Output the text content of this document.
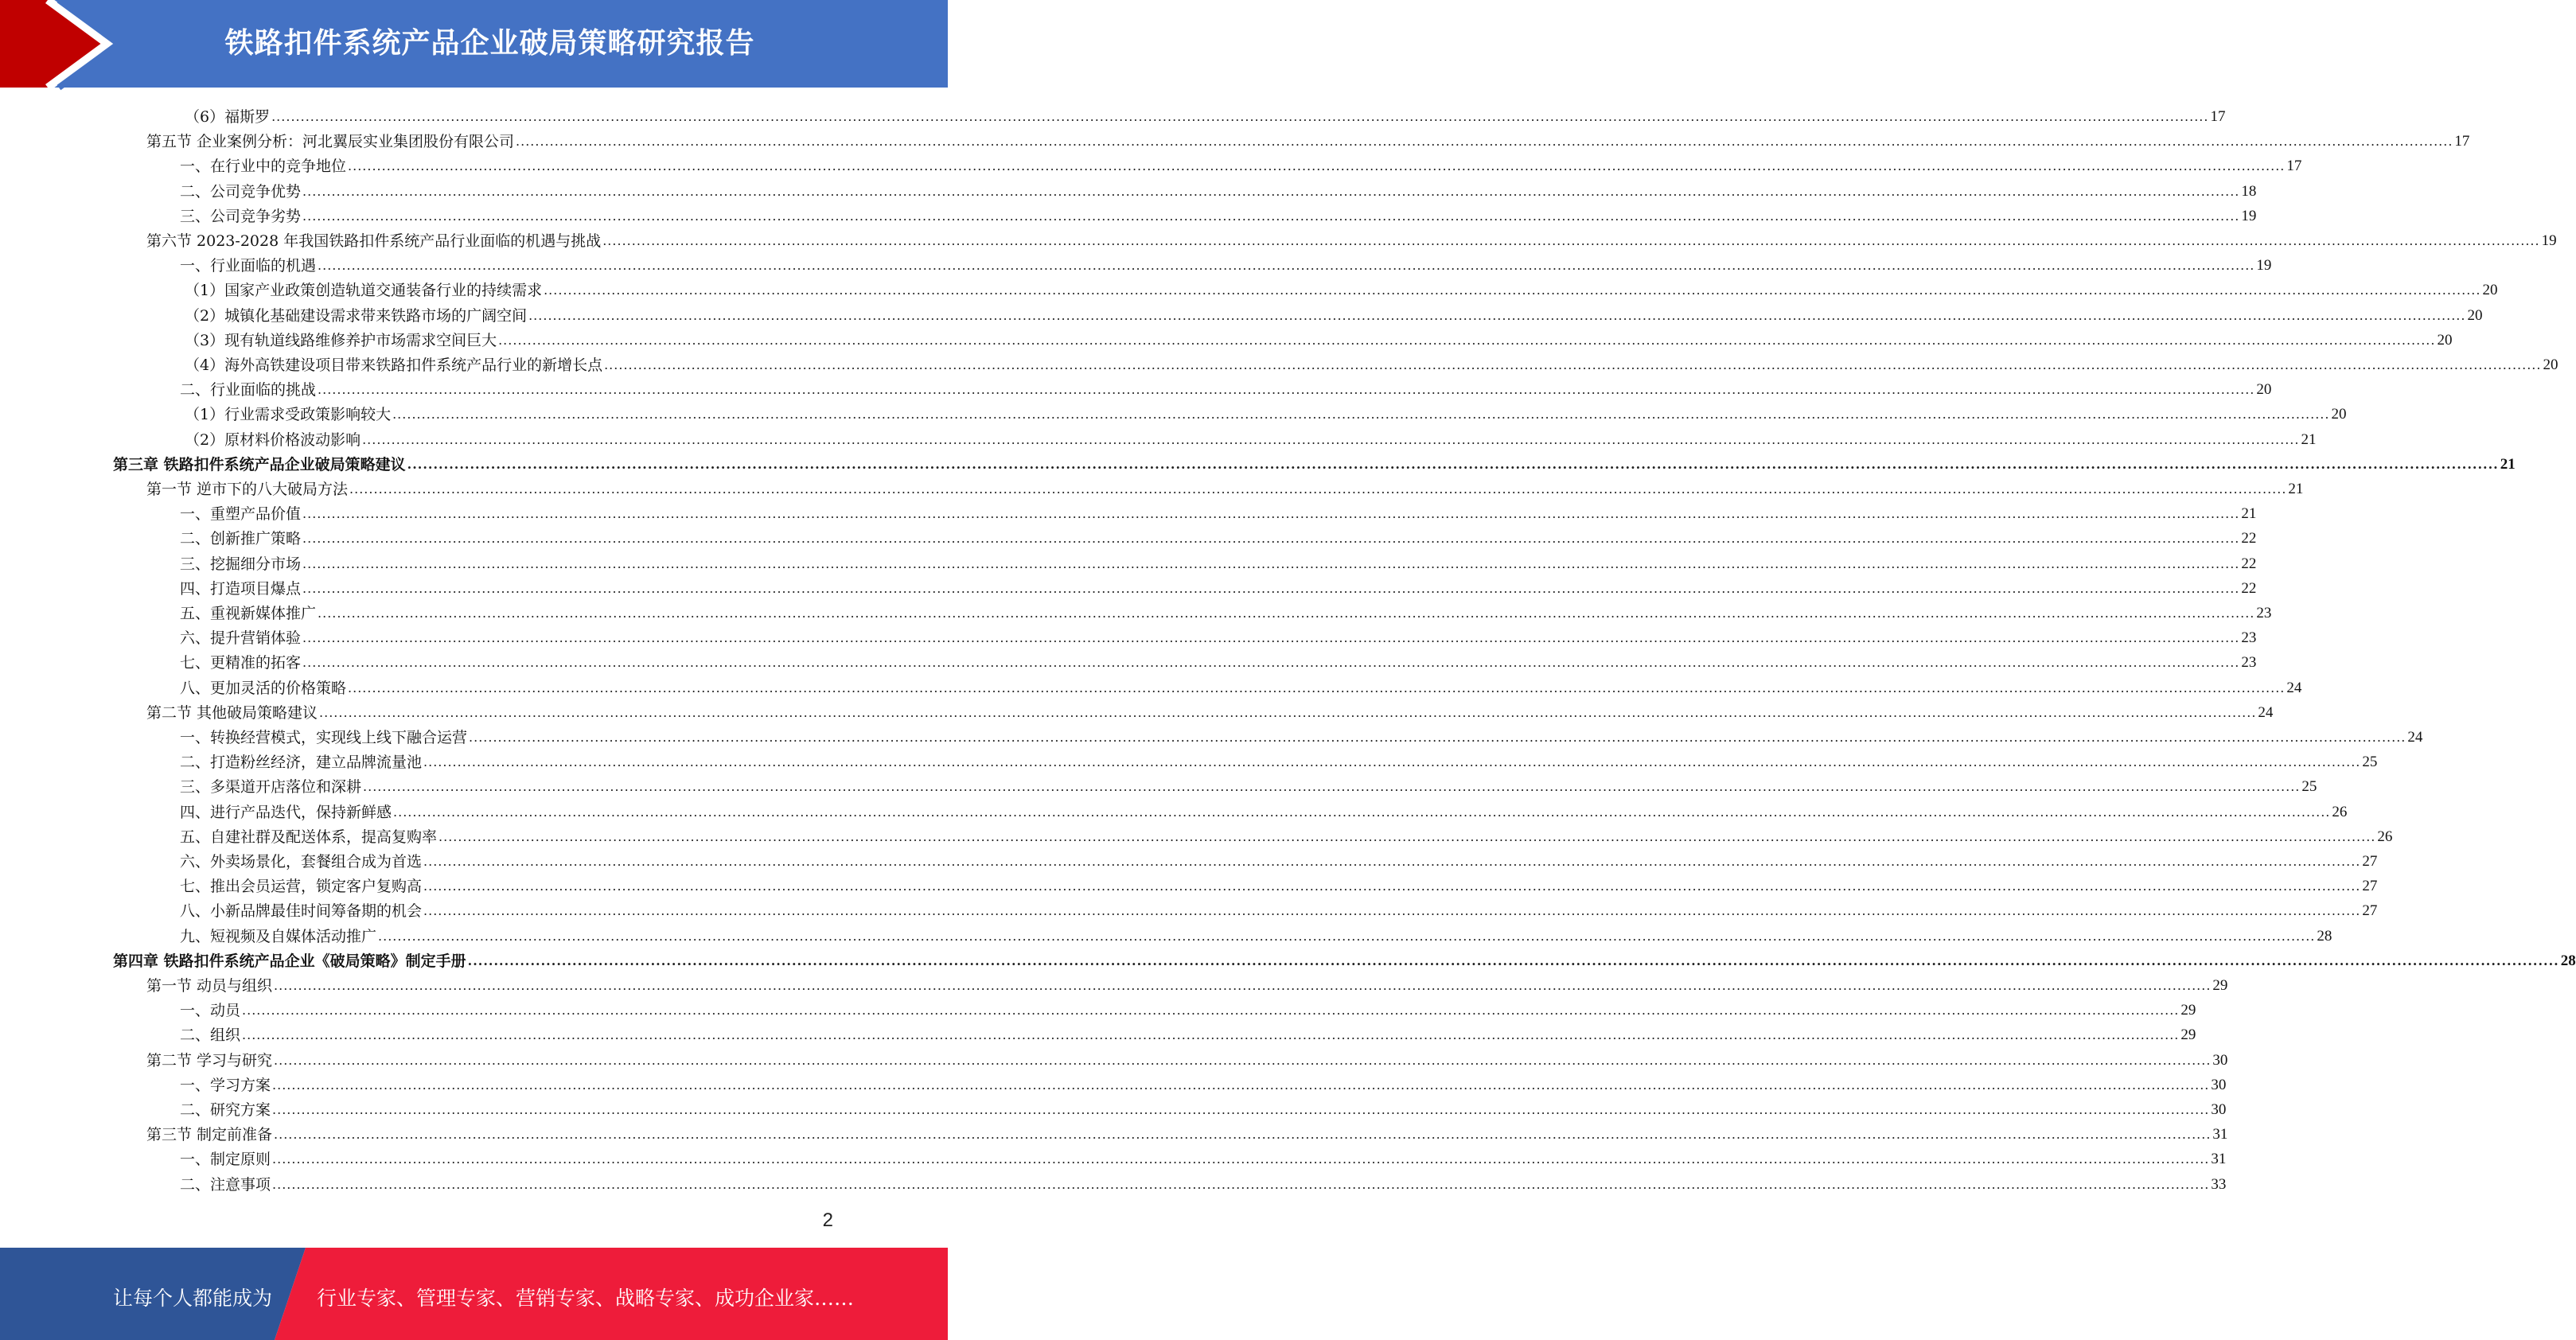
铁路扣件系统产品企业破局策略研究报告
（6）福斯罗 ................................................................................................................................................................................................................................................................................................................................................................................................................ 17
第五节 企业案例分析：河北翼辰实业集团股份有限公司 ................................................................................................................................................................................................................................................................................................................................................................................................................ 17
一、在行业中的竞争地位 ................................................................................................................................................................................................................................................................................................................................................................................................................ 17
二、公司竞争优势 ................................................................................................................................................................................................................................................................................................................................................................................................................ 18
三、公司竞争劣势 ................................................................................................................................................................................................................................................................................................................................................................................................................ 19
第六节 2023-2028 年我国铁路扣件系统产品行业面临的机遇与挑战 ................................................................................................................................................................................................................................................................................................................................................................................................................ 19
一、行业面临的机遇 ................................................................................................................................................................................................................................................................................................................................................................................................................ 19
（1）国家产业政策创造轨道交通装备行业的持续需求 ................................................................................................................................................................................................................................................................................................................................................................................................................ 20
（2）城镇化基础建设需求带来铁路市场的广阔空间 ................................................................................................................................................................................................................................................................................................................................................................................................................ 20
（3）现有轨道线路维修养护市场需求空间巨大 ................................................................................................................................................................................................................................................................................................................................................................................................................ 20
（4）海外高铁建设项目带来铁路扣件系统产品行业的新增长点 ................................................................................................................................................................................................................................................................................................................................................................................................................ 20
二、行业面临的挑战 ................................................................................................................................................................................................................................................................................................................................................................................................................ 20
（1）行业需求受政策影响较大 ................................................................................................................................................................................................................................................................................................................................................................................................................ 20
（2）原材料价格波动影响 ................................................................................................................................................................................................................................................................................................................................................................................................................ 21
第三章 铁路扣件系统产品企业破局策略建议 ................................................................................................................................................................................................................................................................................................................................................................................................................ 21
第一节 逆市下的八大破局方法 ................................................................................................................................................................................................................................................................................................................................................................................................................ 21
一、重塑产品价值 ................................................................................................................................................................................................................................................................................................................................................................................................................ 21
二、创新推广策略 ................................................................................................................................................................................................................................................................................................................................................................................................................ 22
三、挖掘细分市场 ................................................................................................................................................................................................................................................................................................................................................................................................................ 22
四、打造项目爆点 ................................................................................................................................................................................................................................................................................................................................................................................................................ 22
五、重视新媒体推广 ................................................................................................................................................................................................................................................................................................................................................................................................................ 23
六、提升营销体验 ................................................................................................................................................................................................................................................................................................................................................................................................................ 23
七、更精准的拓客 ................................................................................................................................................................................................................................................................................................................................................................................................................ 23
八、更加灵活的价格策略 ................................................................................................................................................................................................................................................................................................................................................................................................................ 24
第二节 其他破局策略建议 ................................................................................................................................................................................................................................................................................................................................................................................................................ 24
一、转换经营模式，实现线上线下融合运营 ................................................................................................................................................................................................................................................................................................................................................................................................................ 24
二、打造粉丝经济，建立品牌流量池 ................................................................................................................................................................................................................................................................................................................................................................................................................ 25
三、多渠道开店落位和深耕 ................................................................................................................................................................................................................................................................................................................................................................................................................ 25
四、进行产品迭代，保持新鲜感 ................................................................................................................................................................................................................................................................................................................................................................................................................ 26
五、自建社群及配送体系，提高复购率 ................................................................................................................................................................................................................................................................................................................................................................................................................ 26
六、外卖场景化，套餐组合成为首选 ................................................................................................................................................................................................................................................................................................................................................................................................................ 27
七、推出会员运营，锁定客户复购高 ................................................................................................................................................................................................................................................................................................................................................................................................................ 27
八、小新品牌最佳时间筹备期的机会 ................................................................................................................................................................................................................................................................................................................................................................................................................ 27
九、短视频及自媒体活动推广 ................................................................................................................................................................................................................................................................................................................................................................................................................ 28
第四章 铁路扣件系统产品企业《破局策略》制定手册 ................................................................................................................................................................................................................................................................................................................................................................................................................ 28
第一节 动员与组织 ................................................................................................................................................................................................................................................................................................................................................................................................................ 29
一、动员 ................................................................................................................................................................................................................................................................................................................................................................................................................ 29
二、组织 ................................................................................................................................................................................................................................................................................................................................................................................................................ 29
第二节 学习与研究 ................................................................................................................................................................................................................................................................................................................................................................................................................ 30
一、学习方案 ................................................................................................................................................................................................................................................................................................................................................................................................................ 30
二、研究方案 ................................................................................................................................................................................................................................................................................................................................................................................................................ 30
第三节 制定前准备 ................................................................................................................................................................................................................................................................................................................................................................................................................ 31
一、制定原则 ................................................................................................................................................................................................................................................................................................................................................................................................................ 31
二、注意事项 ................................................................................................................................................................................................................................................................................................................................................................................................................ 33
2
让每个人都能成为 行业专家、管理专家、营销专家、战略专家、成功企业家……
